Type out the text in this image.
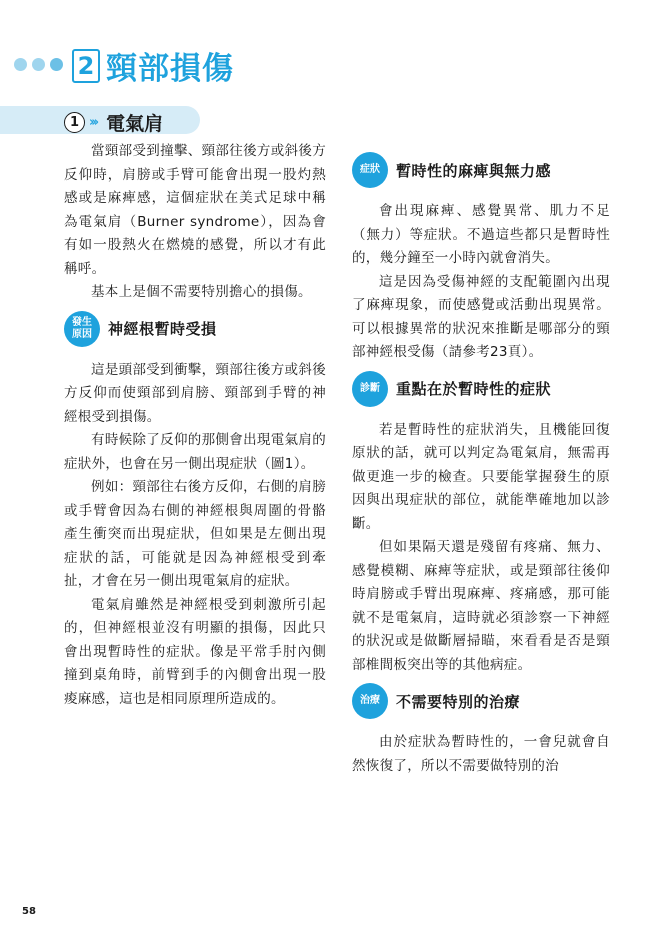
2 頸部損傷
1 ››› 電氣肩

當頸部受到撞擊、頸部往後方或斜後方反仰時，肩膀或手臂可能會出現一股灼熱感或是麻痺感，這個症狀在美式足球中稱為電氣肩（Burner syndrome），因為會有如一股熱火在燃燒的感覺，所以才有此稱呼。

基本上是個不需要特別擔心的損傷。

發生
原因	神經根暫時受損

這是頭部受到衝擊，頸部往後方或斜後方反仰而使頸部到肩膀、頸部到手臂的神經根受到損傷。

有時候除了反仰的那側會出現電氣肩的症狀外，也會在另一側出現症狀（圖1）。

例如：頸部往右後方反仰，右側的肩膀或手臂會因為右側的神經根與周圍的骨骼產生衝突而出現症狀，但如果是左側出現症狀的話，可能就是因為神經根受到牽扯，才會在另一側出現電氣肩的症狀。

電氣肩雖然是神經根受到刺激所引起的，但神經根並沒有明顯的損傷，因此只會出現暫時性的症狀。像是平常手肘內側撞到桌角時，前臂到手的內側會出現一股痠麻感，這也是相同原理所造成的。

症狀	暫時性的麻痺與無力感

會出現麻痺、感覺異常、肌力不足（無力）等症狀。不過這些都只是暫時性的，幾分鐘至一小時內就會消失。

這是因為受傷神經的支配範圍內出現了麻痺現象，而使感覺或活動出現異常。可以根據異常的狀況來推斷是哪部分的頸部神經根受傷（請參考23頁）。

診斷	重點在於暫時性的症狀

若是暫時性的症狀消失，且機能回復原狀的話，就可以判定為電氣肩，無需再做更進一步的檢查。只要能掌握發生的原因與出現症狀的部位，就能準確地加以診斷。

但如果隔天還是殘留有疼痛、無力、感覺模糊、麻痺等症狀，或是頸部往後仰時肩膀或手臂出現麻痺、疼痛感，那可能就不是電氣肩，這時就必須診察一下神經的狀況或是做斷層掃瞄，來看看是否是頸部椎間板突出等的其他病症。

治療	不需要特別的治療

由於症狀為暫時性的，一會兒就會自然恢復了，所以不需要做特別的治

58
